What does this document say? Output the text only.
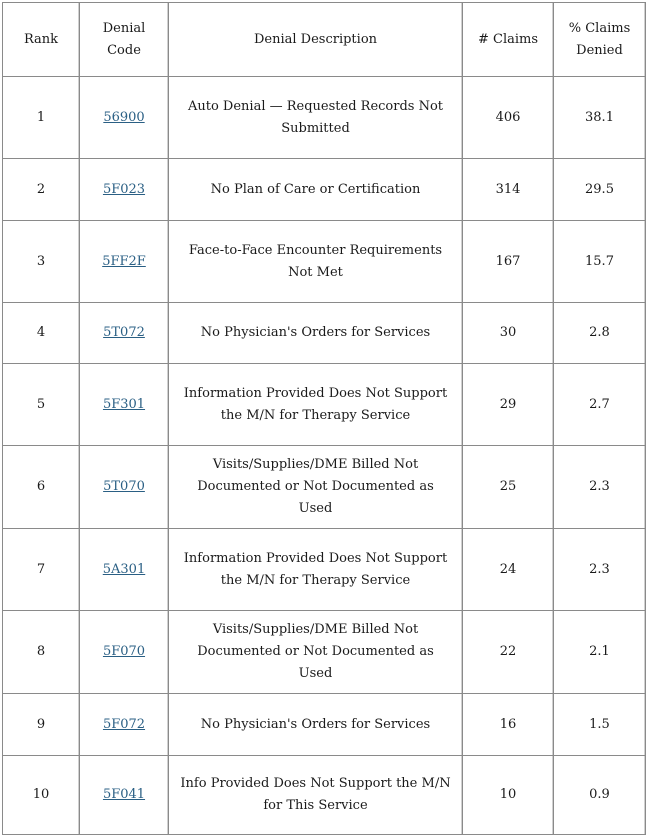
Rank	Denial Code	Denial Description	# Claims	% Claims Denied
1	56900	Auto Denial — Requested Records Not Submitted	406	38.1
2	5F023	No Plan of Care or Certification	314	29.5
3	5FF2F	Face-to-Face Encounter Requirements Not Met	167	15.7
4	5T072	No Physician's Orders for Services	30	2.8
5	5F301	Information Provided Does Not Support the M/N for Therapy Service	29	2.7
6	5T070	Visits/Supplies/DME Billed Not Documented or Not Documented as Used	25	2.3
7	5A301	Information Provided Does Not Support the M/N for Therapy Service	24	2.3
8	5F070	Visits/Supplies/DME Billed Not Documented or Not Documented as Used	22	2.1
9	5F072	No Physician's Orders for Services	16	1.5
10	5F041	Info Provided Does Not Support the M/N for This Service	10	0.9
